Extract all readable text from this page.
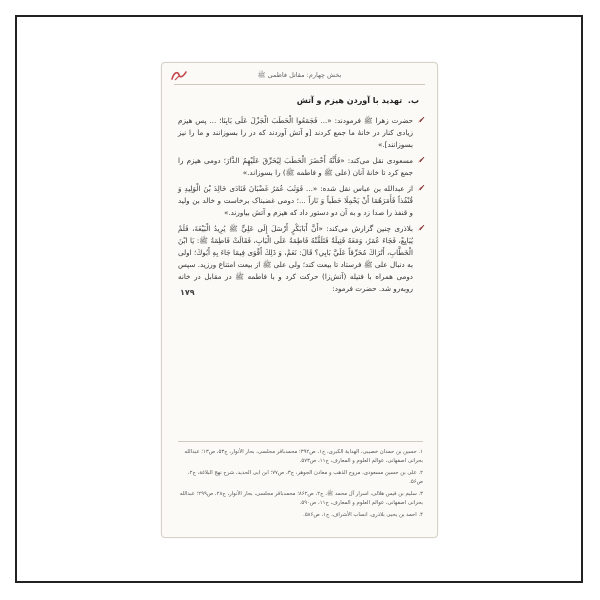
بخش چهارم: مقاتل فاطمی ﷺ
۱۷۹
ب. تهدید با آوردن هیزم و آتش
حضرت زهرا ﷺ فرمودند: «... فَجَمَعُوا الْحَطَبَ الْجَزْلَ عَلَى بَابِنَا؛ ... پس هیزم زیادی کنار در خانهٔ ما جمع کردند [و آتش آوردند که در را بسوزانند و ما را نیز بسوزانند].»
مسعودی نقل می‌کند: «فَأَنَّهُ أَحْضَرَ الْحَطَبَ لِيُحَرِّقَ عَلَيْهِمُ الدَّارَ؛ دومی هیزم را جمع کرد تا خانهٔ آنان (علی ﷺ و فاطمه ﷺ) را بسوزاند.»
از عبدالله بن عباس نقل شده: «... فَوَثَبَ عُمَرُ غَضْبَانَ فَنَادَى خَالِدَ بْنَ الْوَلِيدِ وَ قُنْفُذاً فَأَمَرَهُمَا أَنْ يَحْمِلَا حَطَباً وَ نَاراً ...؛ دومی غضبناک برخاست و خالد بن ولید و قنفذ را صدا زد و به آن دو دستور داد که هیزم و آتش بیاورند.»
بلاذری چنین گزارش می‌کند: «أَنَّ أَبَابَكْرٍ أَرْسَلَ إِلَى عَلِيٍّ ﷺ يُرِيدُ الْبَيْعَةَ، فَلَمْ يُبَايِعْ، فَجَاءَ عُمَرُ، وَمَعَهُ فَتِيلَةٌ فَتَلَقَّتْهُ فَاطِمَةُ عَلَى الْبَابِ، فَقَالَتْ فَاطِمَةُ ﷺ: يَا ابْنَ الْخَطَّابِ، أَتُرَاكَ مُحَرِّقاً عَلَيَّ بَابِي؟ قَالَ: نَعَمْ، وَ ذَلِكَ أَقْوَى فِيمَا جَاءَ بِهِ أَبُوكَ؛ اولی به دنبال علی ﷺ فرستاد تا بیعت کند؛ ولی علی ﷺ از بیعت امتناع ورزید. سپس دومی همراه با فتیله (آتش‌زا) حرکت کرد و با فاطمه ﷺ در مقابل در خانه روبه‌رو شد. حضرت فرمود:
۱. حسین بن حمدان خصیبی، الهدایة الکبری، ج۱، ص۳۹۲؛ محمدباقر مجلسی، بحار الأنوار، ج۵۳، ص۱۳؛ عبدالله بحرانی اصفهانی، عوالم العلوم و المعارف، ج۱۱، ص۵۷۳.
۲. علی بن حسین مسعودی، مروج الذهب و معادن الجوهر، ج۳، ص۷۷؛ ابن ابی الحدید، شرح نهج البلاغة، ج۲، ص۵۶.
۳. سلیم بن قیس هلالی، اسرار آل محمد ﷺ، ج۲، ص۸۶۲؛ محمدباقر مجلسی، بحار الأنوار، ج۲۸، ص۲۹۹؛ عبدالله بحرانی اصفهانی، عوالم العلوم و المعارف، ج۱۱، ص۵۹۰.
۴. احمد بن یحیی بلاذری، انساب الأشراف، ج۱، ص۵۸۶.
